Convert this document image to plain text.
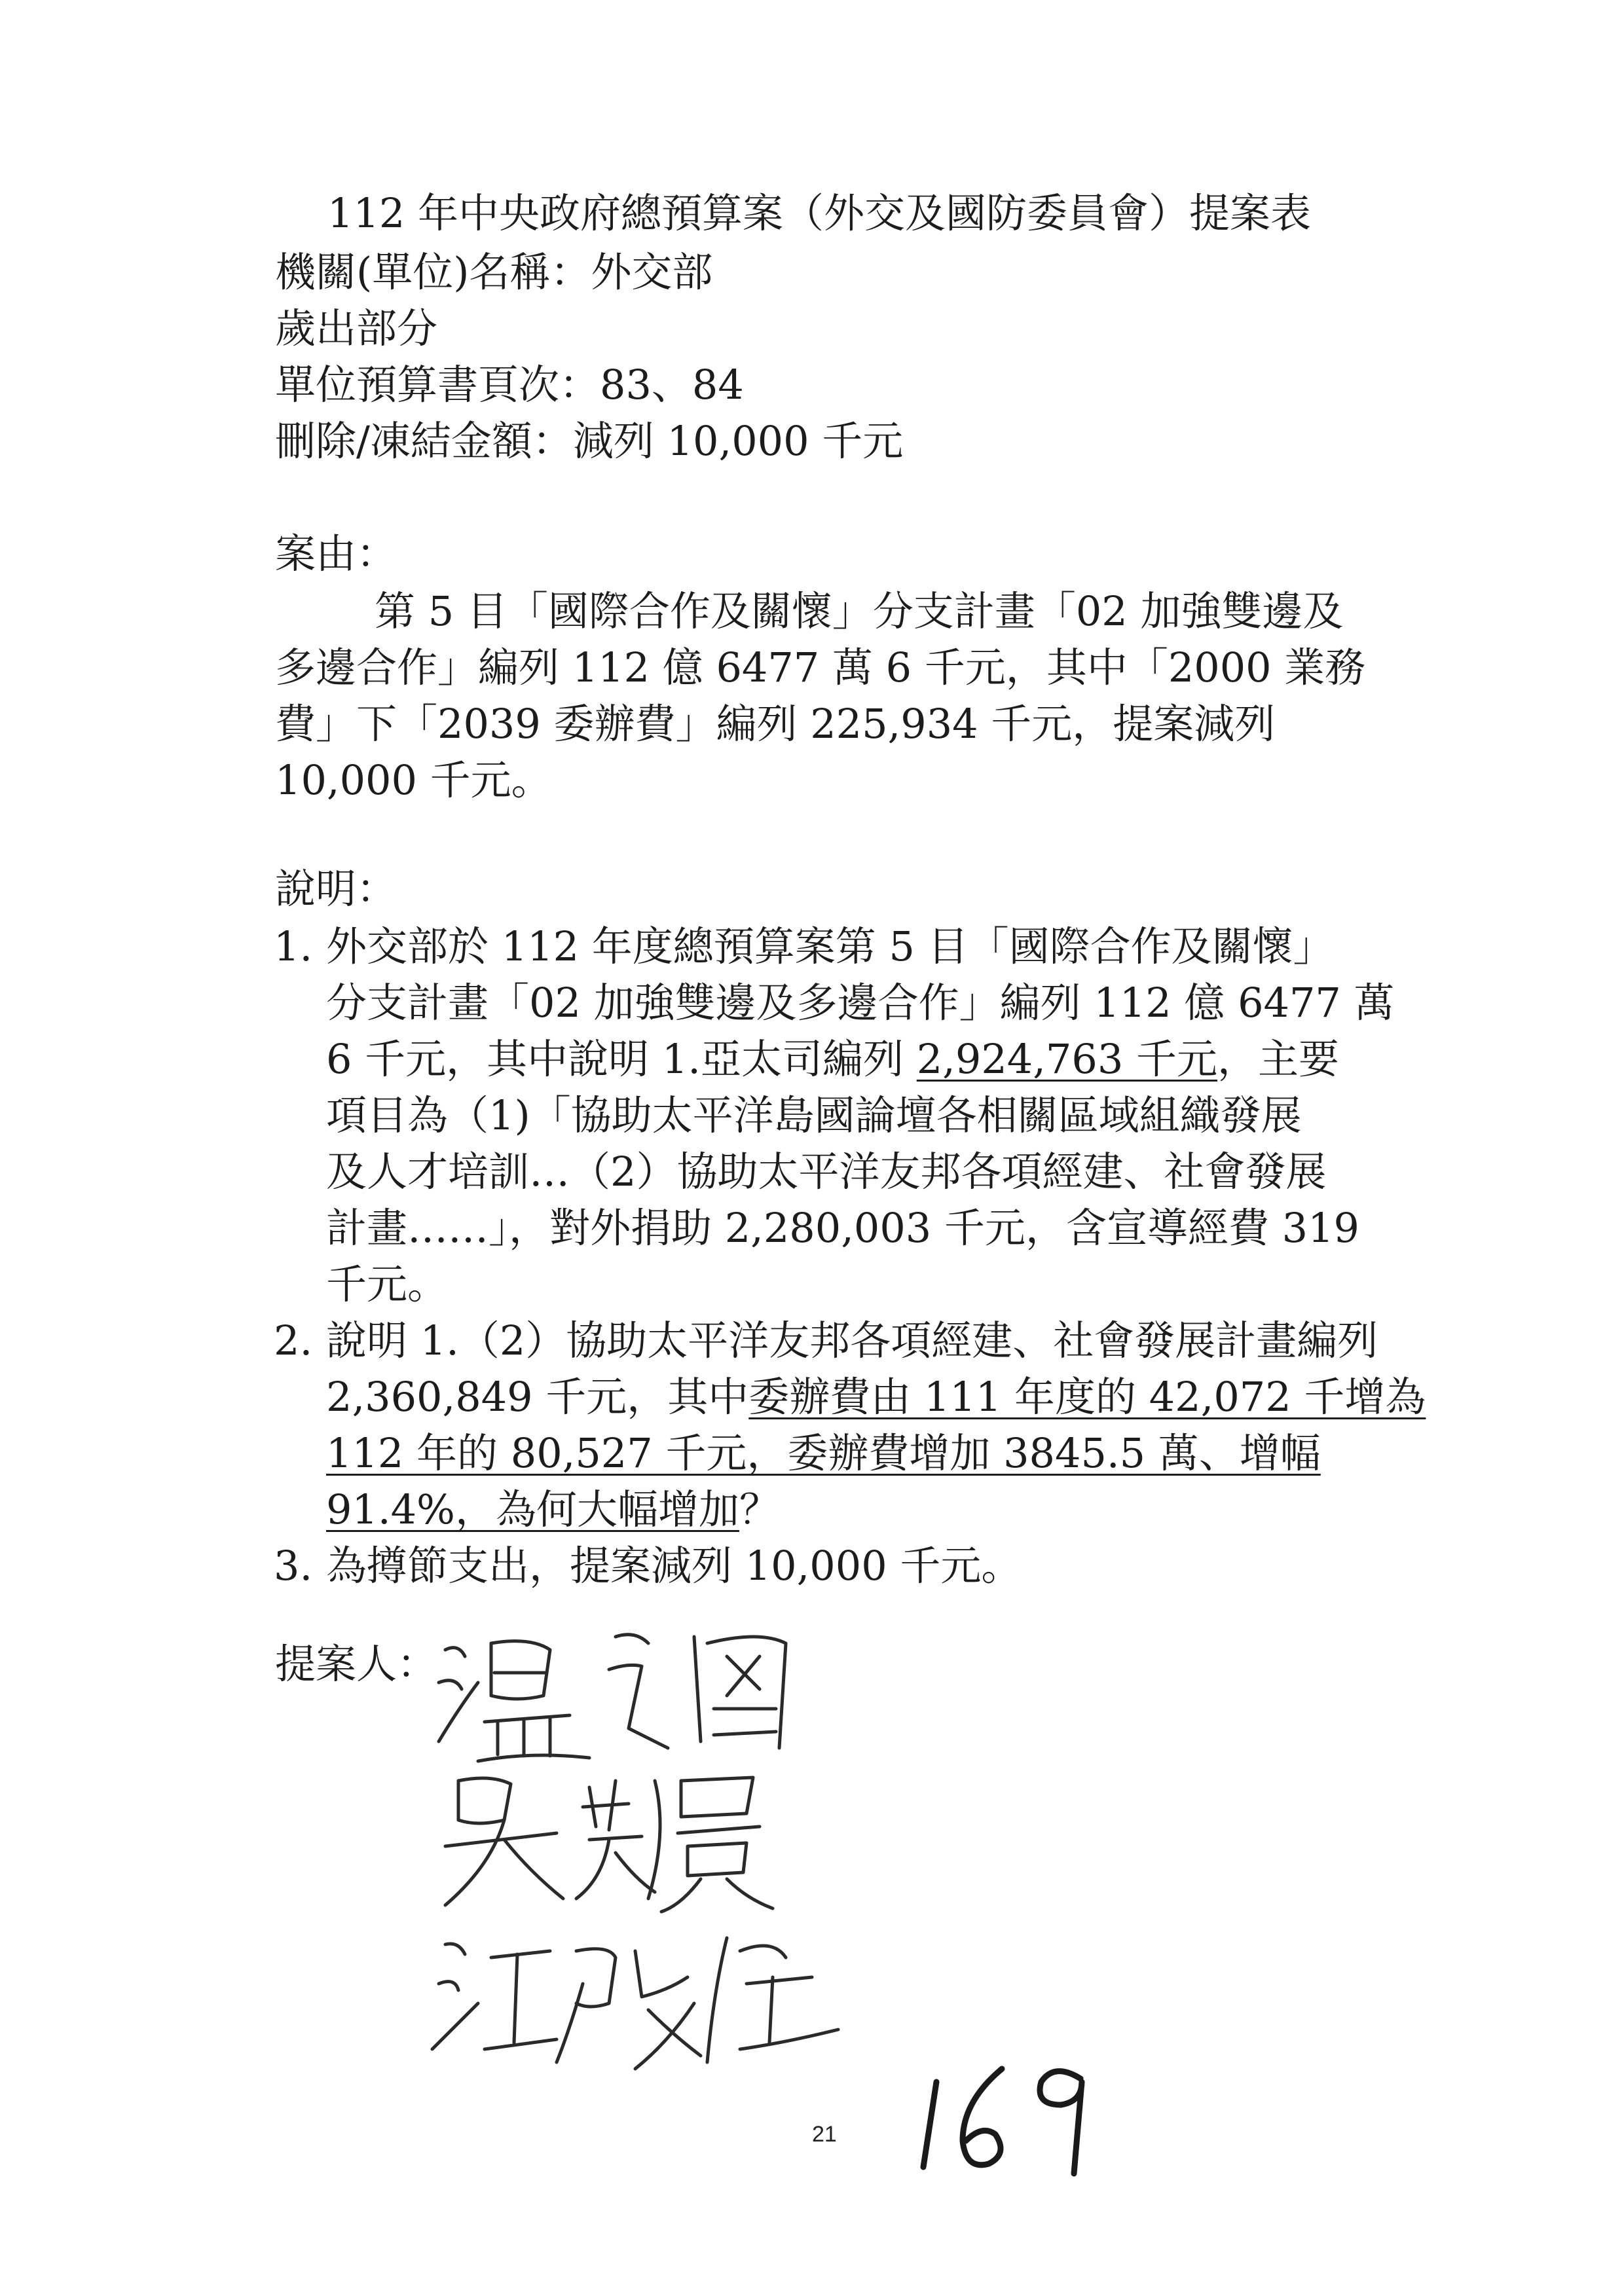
112 年中央政府總預算案（外交及國防委員會）提案表
機關(單位)名稱：外交部
歲出部分
單位預算書頁次：83、84
刪除/凍結金額：減列 10,000 千元
案由：
第 5 目「國際合作及關懷」分支計畫「02 加強雙邊及
多邊合作」編列 112 億 6477 萬 6 千元，其中「2000 業務
費」下「2039 委辦費」編列 225,934 千元，提案減列
10,000 千元。
說明：
1. 外交部於 112 年度總預算案第 5 目「國際合作及關懷」
分支計畫「02 加強雙邊及多邊合作」編列 112 億 6477 萬
6 千元，其中說明 1.亞太司編列 2,924,763 千元，主要
項目為（1)「協助太平洋島國論壇各相關區域組織發展
及人才培訓…（2）協助太平洋友邦各項經建、社會發展
計畫……」，對外捐助 2,280,003 千元，含宣導經費 319
千元。
2. 說明 1.（2）協助太平洋友邦各項經建、社會發展計畫編列
2,360,849 千元，其中委辦費由 111 年度的 42,072 千增為
112 年的 80,527 千元，委辦費增加 3845.5 萬、增幅
91.4%，為何大幅增加？
3. 為撙節支出，提案減列 10,000 千元。
提案人：
21
